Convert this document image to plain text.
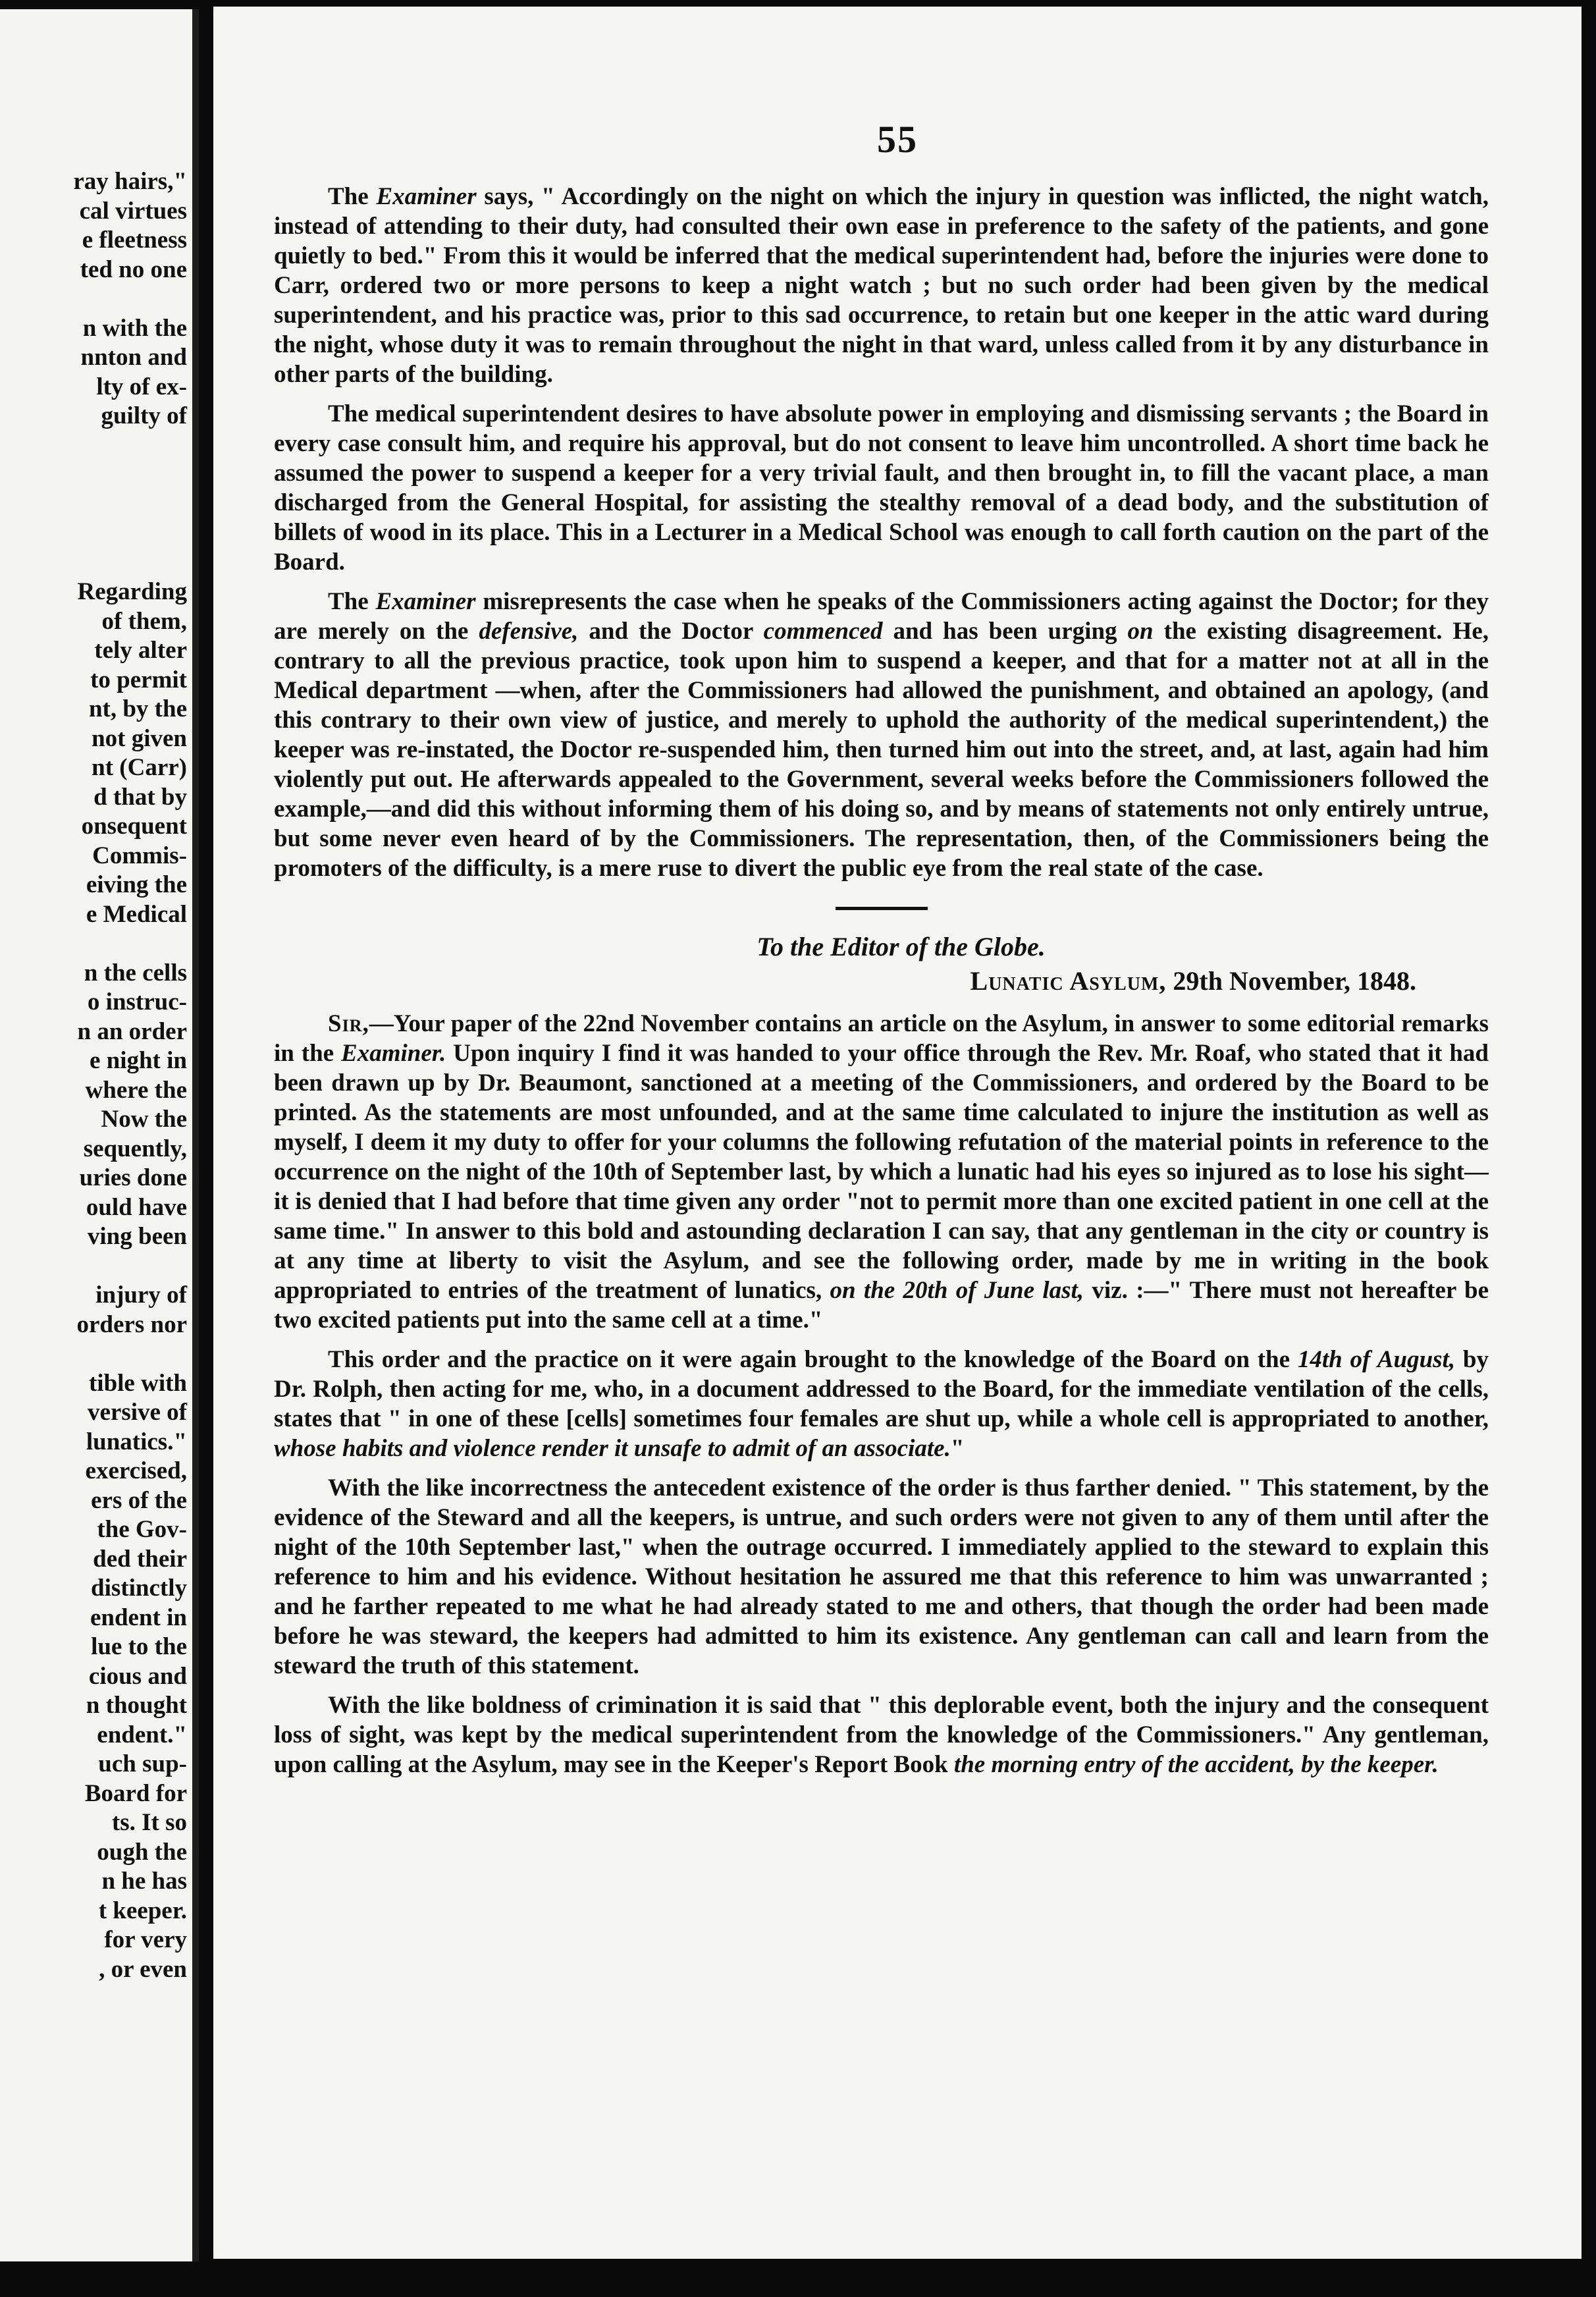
ray hairs,"
cal virtues
e fleetness
ted no one
n with the
nnton and
lty of ex-
guilty of
Regarding
of them,
tely alter
to permit
nt, by the
not given
nt (Carr)
d that by
onsequent
Commis-
eiving the
e Medical
n the cells
o instruc-
n an order
e night in
where the
Now the
sequently,
uries done
ould have
ving been
injury of
orders nor
tible with
versive of
lunatics."
exercised,
ers of the
the Gov-
ded their
distinctly
endent in
lue to the
cious and
n thought
endent."
uch sup-
Board for
ts. It so
ough the
n he has
t keeper.
for very
, or even
55

The Examiner says, " Accordingly on the night on which the injury in question was inflicted, the night watch, instead of attending to their duty, had consulted their own ease in preference to the safety of the patients, and gone quietly to bed." From this it would be inferred that the medical superintendent had, before the injuries were done to Carr, ordered two or more persons to keep a night watch ; but no such order had been given by the medical superintendent, and his practice was, prior to this sad occurrence, to retain but one keeper in the attic ward during the night, whose duty it was to remain throughout the night in that ward, unless called from it by any disturbance in other parts of the building.

The medical superintendent desires to have absolute power in employing and dismissing servants ; the Board in every case consult him, and require his approval, but do not consent to leave him uncontrolled. A short time back he assumed the power to suspend a keeper for a very trivial fault, and then brought in, to fill the vacant place, a man discharged from the General Hospital, for assisting the stealthy removal of a dead body, and the substitution of billets of wood in its place. This in a Lecturer in a Medical School was enough to call forth caution on the part of the Board.

The Examiner misrepresents the case when he speaks of the Commissioners acting against the Doctor; for they are merely on the defensive, and the Doctor commenced and has been urging on the existing disagreement. He, contrary to all the previous practice, took upon him to suspend a keeper, and that for a matter not at all in the Medical department —when, after the Commissioners had allowed the punishment, and obtained an apology, (and this contrary to their own view of justice, and merely to uphold the authority of the medical superintendent,) the keeper was re-instated, the Doctor re-suspended him, then turned him out into the street, and, at last, again had him violently put out. He afterwards appealed to the Government, several weeks before the Commissioners followed the example,—and did this without informing them of his doing so, and by means of statements not only entirely untrue, but some never even heard of by the Commissioners. The representation, then, of the Commissioners being the promoters of the difficulty, is a mere ruse to divert the public eye from the real state of the case.

To the Editor of the Globe.
Lunatic Asylum, 29th November, 1848.

Sir,—Your paper of the 22nd November contains an article on the Asylum, in answer to some editorial remarks in the Examiner. Upon inquiry I find it was handed to your office through the Rev. Mr. Roaf, who stated that it had been drawn up by Dr. Beaumont, sanctioned at a meeting of the Commissioners, and ordered by the Board to be printed. As the statements are most unfounded, and at the same time calculated to injure the institution as well as myself, I deem it my duty to offer for your columns the following refutation of the material points in reference to the occurrence on the night of the 10th of September last, by which a lunatic had his eyes so injured as to lose his sight—it is denied that I had before that time given any order "not to permit more than one excited patient in one cell at the same time." In answer to this bold and astounding declaration I can say, that any gentleman in the city or country is at any time at liberty to visit the Asylum, and see the following order, made by me in writing in the book appropriated to entries of the treatment of lunatics, on the 20th of June last, viz. :—" There must not hereafter be two excited patients put into the same cell at a time."

This order and the practice on it were again brought to the knowledge of the Board on the 14th of August, by Dr. Rolph, then acting for me, who, in a document addressed to the Board, for the immediate ventilation of the cells, states that " in one of these [cells] sometimes four females are shut up, while a whole cell is appropriated to another, whose habits and violence render it unsafe to admit of an associate."

With the like incorrectness the antecedent existence of the order is thus farther denied. " This statement, by the evidence of the Steward and all the keepers, is untrue, and such orders were not given to any of them until after the night of the 10th September last," when the outrage occurred. I immediately applied to the steward to explain this reference to him and his evidence. Without hesitation he assured me that this reference to him was unwarranted ; and he farther repeated to me what he had already stated to me and others, that though the order had been made before he was steward, the keepers had admitted to him its existence. Any gentleman can call and learn from the steward the truth of this statement.

With the like boldness of crimination it is said that " this deplorable event, both the injury and the consequent loss of sight, was kept by the medical superintendent from the knowledge of the Commissioners." Any gentleman, upon calling at the Asylum, may see in the Keeper's Report Book the morning entry of the accident, by the keeper.
